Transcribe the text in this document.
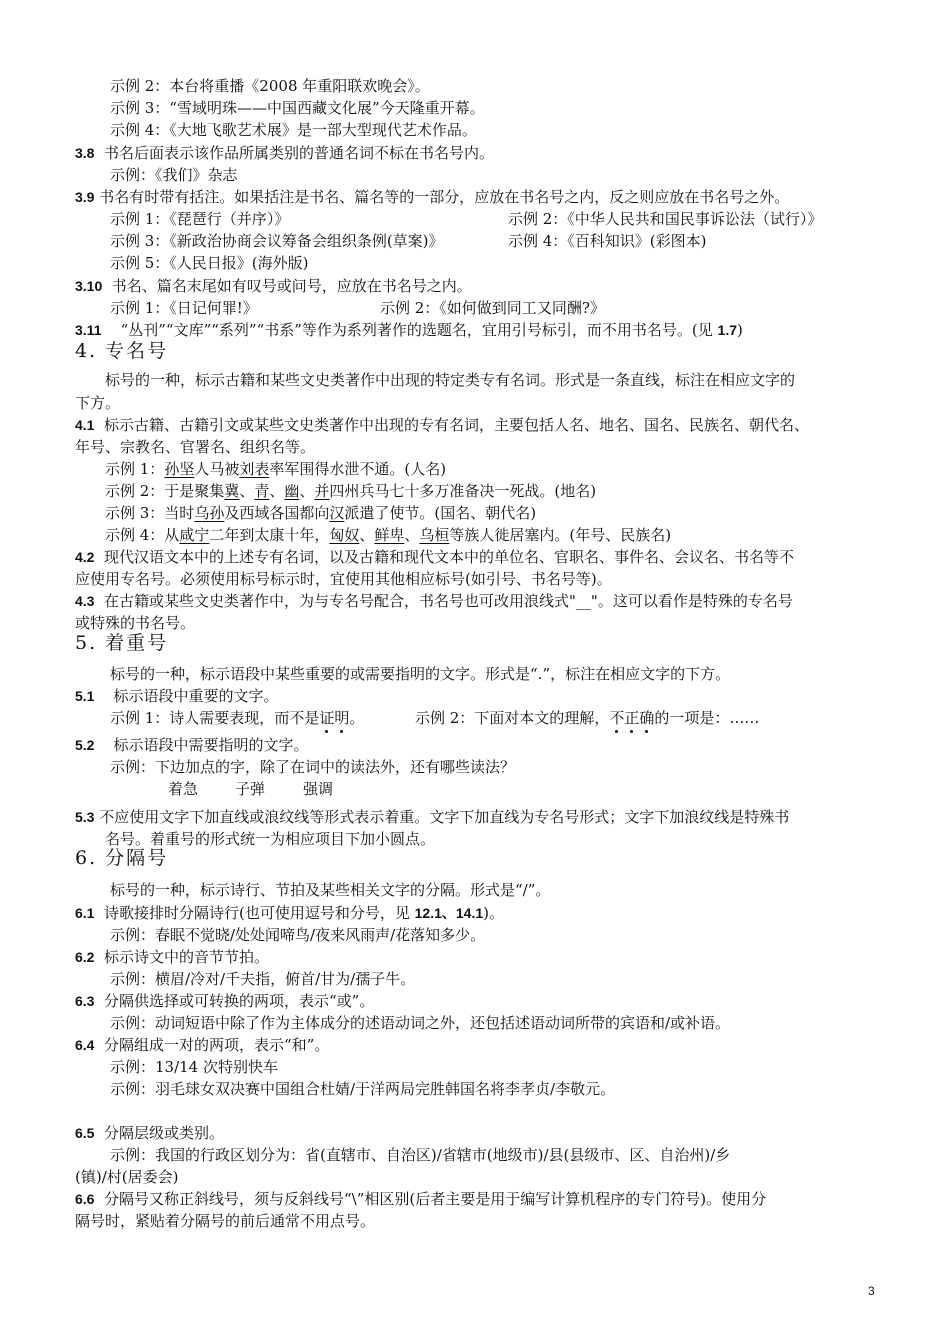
示例 2：本台将重播《2008 年重阳联欢晚会》。
示例 3：“雪域明珠——中国西藏文化展”今天隆重开幕。
示例 4：《大地飞歌艺术展》是一部大型现代艺术作品。
3.8 书名后面表示该作品所属类别的普通名词不标在书名号内。
示例：《我们》杂志
3.9 书名有时带有括注。如果括注是书名、篇名等的一部分，应放在书名号之内，反之则应放在书名号之外。
示例 1：《琵琶行（并序）》	示例 2：《中华人民共和国民事诉讼法（试行）》
示例 3：《新政治协商会议筹备会组织条例(草案)》	示例 4：《百科知识》(彩图本)
示例 5：《人民日报》(海外版)
3.10 书名、篇名末尾如有叹号或问号，应放在书名号之内。
示例 1：《日记何罪!》	示例 2：《如何做到同工又同酬?》
3.11 “丛刊”“文库”“系列”“书系”等作为系列著作的选题名，宜用引号标引，而不用书名号。(见 1.7)
4. 专名号
标号的一种，标示古籍和某些文史类著作中出现的特定类专有名词。形式是一条直线，标注在相应文字的
下方。
4.1 标示古籍、古籍引文或某些文史类著作中出现的专有名词，主要包括人名、地名、国名、民族名、朝代名、
年号、宗教名、官署名、组织名等。
示例 1：孙坚人马被刘表率军围得水泄不通。(人名)
示例 2：于是聚集冀、青、幽、并四州兵马七十多万准备决一死战。(地名)
示例 3：当时乌孙及西域各国都向汉派遣了使节。(国名、朝代名)
示例 4：从咸宁二年到太康十年，匈奴、鲜卑、乌桓等族人徙居塞内。(年号、民族名)
4.2 现代汉语文本中的上述专有名词，以及古籍和现代文本中的单位名、官职名、事件名、会议名、书名等不
应使用专名号。必须使用标号标示时，宜使用其他相应标号(如引号、书名号等)。
4.3 在古籍或某些文史类著作中，为与专名号配合，书名号也可改用浪线式"__"。这可以看作是特殊的专名号
或特殊的书名号。
5. 着重号
标号的一种，标示语段中某些重要的或需要指明的文字。形式是“.”，标注在相应文字的下方。
5.1 标示语段中重要的文字。
示例 1：诗人需要表现，而不是证明。	示例 2：下面对本文的理解，不正确的一项是：……
5.2 标示语段中需要指明的文字。
示例：下边加点的字，除了在词中的读法外，还有哪些读法？
着急 子弹	强调
5.3 不应使用文字下加直线或浪纹线等形式表示着重。文字下加直线为专名号形式；文字下加浪纹线是特殊书
名号。着重号的形式统一为相应项目下加小圆点。
6. 分隔号
标号的一种，标示诗行、节拍及某些相关文字的分隔。形式是“/”。
6.1 诗歌接排时分隔诗行(也可使用逗号和分号，见 12.1、14.1)。
示例：春眠不觉晓/处处闻啼鸟/夜来风雨声/花落知多少。
6.2 标示诗文中的音节节拍。
示例：横眉/冷对/千夫指，俯首/甘为/孺子牛。
6.3 分隔供选择或可转换的两项，表示“或”。
示例：动词短语中除了作为主体成分的述语动词之外，还包括述语动词所带的宾语和/或补语。
6.4 分隔组成一对的两项，表示“和”。
示例：13/14 次特别快车
示例：羽毛球女双决赛中国组合杜婧/于洋两局完胜韩国名将李孝贞/李敬元。
6.5 分隔层级或类别。
示例：我国的行政区划分为：省(直辖市、自治区)/省辖市(地级市)/县(县级市、区、自治州)/乡
(镇)/村(居委会)
6.6 分隔号又称正斜线号，须与反斜线号“\”相区别(后者主要是用于编写计算机程序的专门符号)。使用分
隔号时，紧贴着分隔号的前后通常不用点号。
3
